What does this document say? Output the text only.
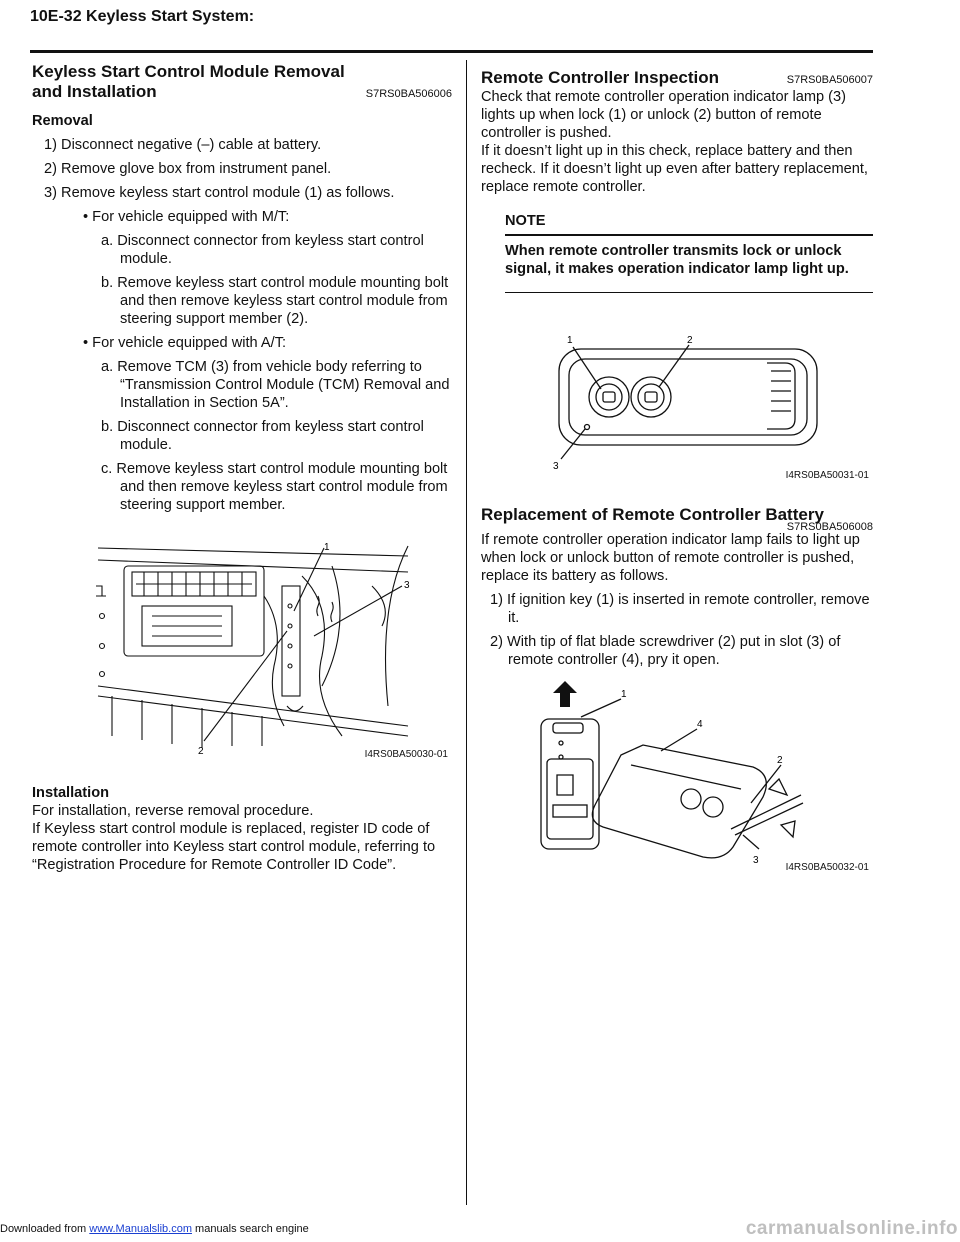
10E-32 Keyless Start System:
Keyless Start Control Module Removal and Installation	S7RS0BA506006

Removal

1) Disconnect negative (–) cable at battery.

2) Remove glove box from instrument panel.

3) Remove keyless start control module (1) as follows.

• For vehicle equipped with M/T:

a. Disconnect connector from keyless start control module.

b. Remove keyless start control module mounting bolt and then remove keyless start control module from steering support member (2).

• For vehicle equipped with A/T:

a. Remove TCM (3) from vehicle body referring to “Transmission Control Module (TCM) Removal and Installation in Section 5A”.

b. Disconnect connector from keyless start control module.

c. Remove keyless start control module mounting bolt and then remove keyless start control module from steering support member.

1
2
3
I4RS0BA50030-01

Installation

For installation, reverse removal procedure.

If Keyless start control module is replaced, register ID code of remote controller into Keyless start control module, referring to “Registration Procedure for Remote Controller ID Code”.

Remote Controller Inspection	S7RS0BA506007

Check that remote controller operation indicator lamp (3) lights up when lock (1) or unlock (2) button of remote controller is pushed.

If it doesn’t light up in this check, replace battery and then recheck. If it doesn’t light up even after battery replacement, replace remote controller.

NOTE

When remote controller transmits lock or unlock signal, it makes operation indicator lamp light up.

1	2
3
I4RS0BA50031-01
Replacement of Remote Controller Battery
S7RS0BA506008

If remote controller operation indicator lamp fails to light up when lock or unlock button of remote controller is pushed, replace its battery as follows.

1) If ignition key (1) is inserted in remote controller, remove it.

2) With tip of flat blade screwdriver (2) put in slot (3) of remote controller (4), pry it open.

1
2
3
4
I4RS0BA50032-01
Downloaded from www.Manualslib.com manuals search engine	carmanualsonline.info
